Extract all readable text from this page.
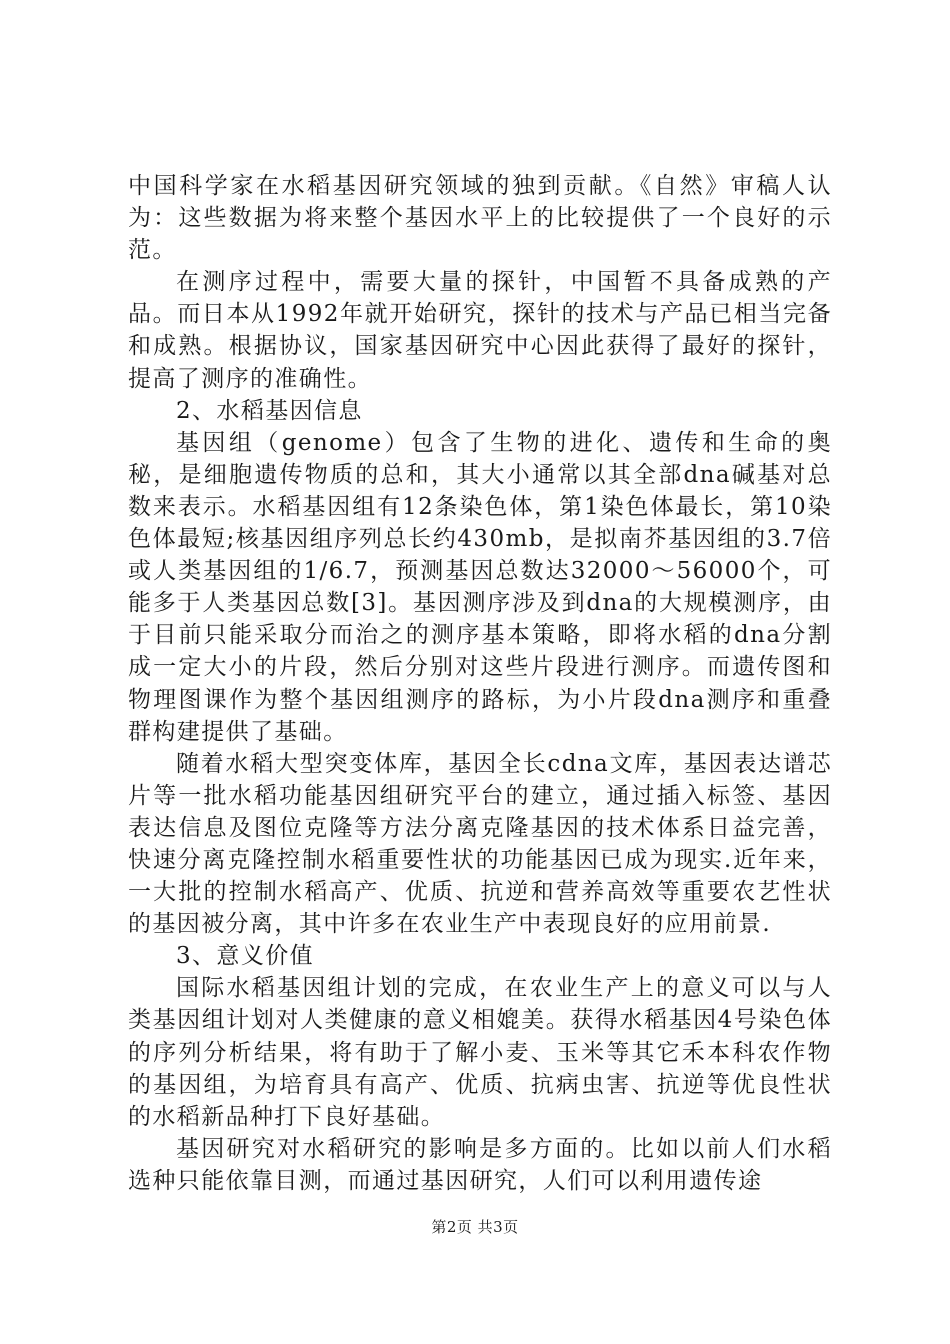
中国科学家在水稻基因研究领域的独到贡献。《自然》审稿人认为：这些数据为将来整个基因水平上的比较提供了一个良好的示范。

在测序过程中，需要大量的探针，中国暂不具备成熟的产品。而日本从1992年就开始研究，探针的技术与产品已相当完备和成熟。根据协议，国家基因研究中心因此获得了最好的探针，提高了测序的准确性。

2、水稻基因信息

基因组（genome）包含了生物的进化、遗传和生命的奥秘，是细胞遗传物质的总和，其大小通常以其全部dna碱基对总数来表示。水稻基因组有12条染色体，第1染色体最长，第10染色体最短;核基因组序列总长约430mb，是拟南芥基因组的3.7倍或人类基因组的1/6.7，预测基因总数达32000～56000个，可能多于人类基因总数[3]。基因测序涉及到dna的大规模测序，由于目前只能采取分而治之的测序基本策略，即将水稻的dna分割成一定大小的片段，然后分别对这些片段进行测序。而遗传图和物理图课作为整个基因组测序的路标，为小片段dna测序和重叠群构建提供了基础。

随着水稻大型突变体库，基因全长cdna文库，基因表达谱芯片等一批水稻功能基因组研究平台的建立，通过插入标签、基因表达信息及图位克隆等方法分离克隆基因的技术体系日益完善，快速分离克隆控制水稻重要性状的功能基因已成为现实.近年来，一大批的控制水稻高产、优质、抗逆和营养高效等重要农艺性状的基因被分离，其中许多在农业生产中表现良好的应用前景.

3、意义价值

国际水稻基因组计划的完成，在农业生产上的意义可以与人类基因组计划对人类健康的意义相媲美。获得水稻基因4号染色体的序列分析结果，将有助于了解小麦、玉米等其它禾本科农作物的基因组，为培育具有高产、优质、抗病虫害、抗逆等优良性状的水稻新品种打下良好基础。

基因研究对水稻研究的影响是多方面的。比如以前人们水稻选种只能依靠目测，而通过基因研究，人们可以利用遗传途

第2页 共3页
